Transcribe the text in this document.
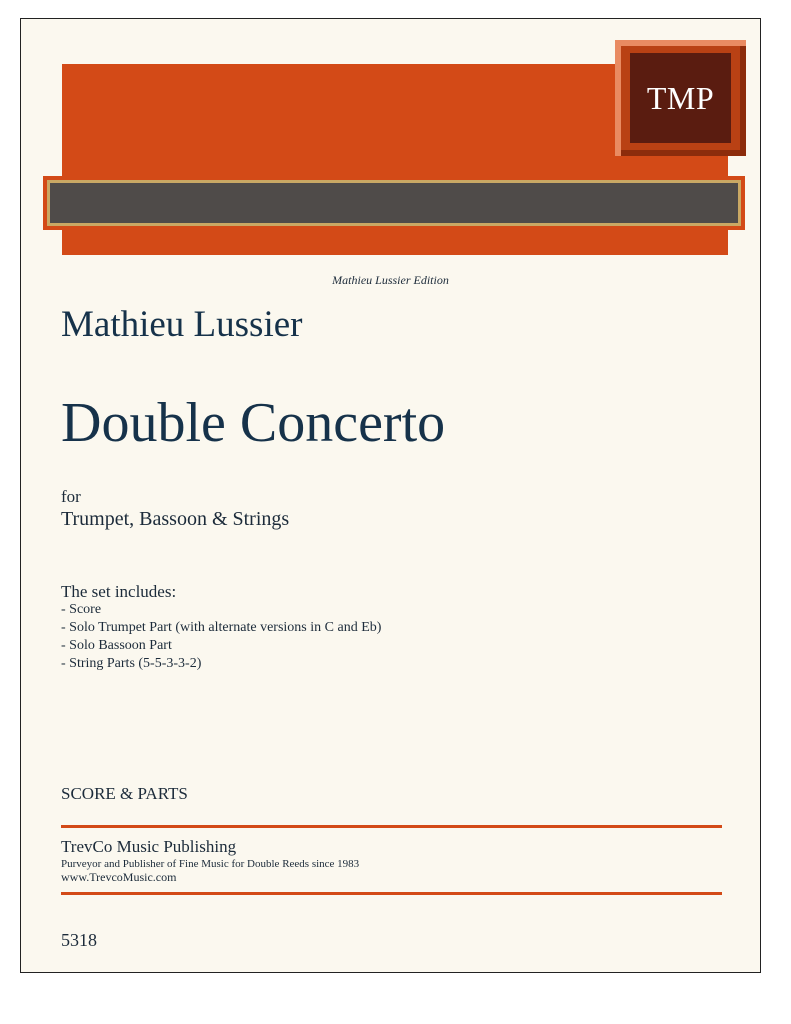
TMP
Mathieu Lussier Edition
Mathieu Lussier
Double Concerto
for
Trumpet, Bassoon & Strings
The set includes:
- Score
- Solo Trumpet Part (with alternate versions in C and Eb)
- Solo Bassoon Part
- String Parts (5-5-3-3-2)
SCORE & PARTS
TrevCo Music Publishing
Purveyor and Publisher of Fine Music for Double Reeds since 1983
www.TrevcoMusic.com
5318
